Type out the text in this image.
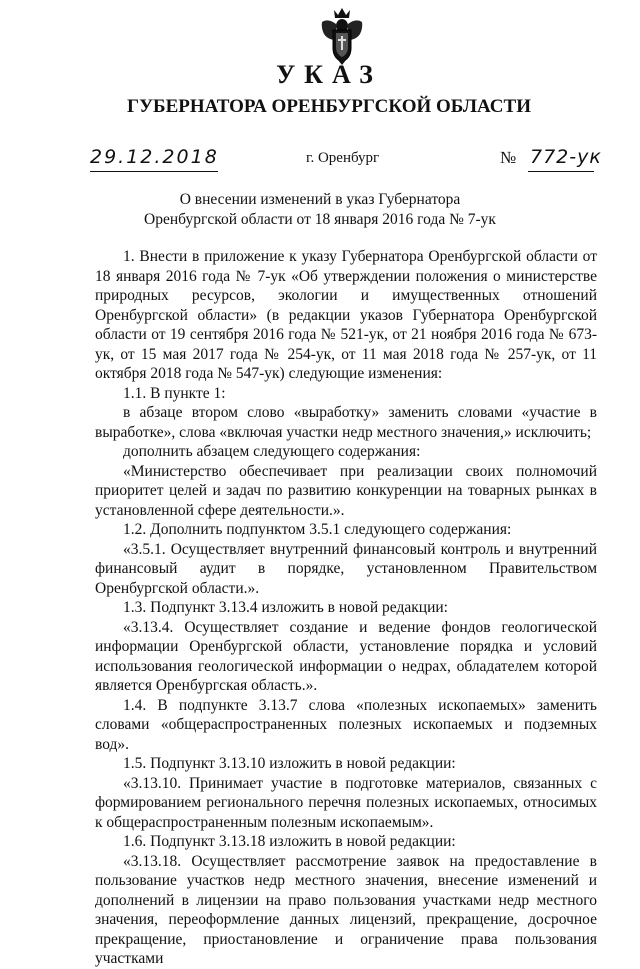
УКАЗ
ГУБЕРНАТОРА ОРЕНБУРГСКОЙ ОБЛАСТИ
29.12.2018	г. Оренбург	№ 772-ук
О внесении изменений в указ Губернатора
Оренбургской области от 18 января 2016 года № 7-ук

1. Внести в приложение к указу Губернатора Оренбургской области от 18 января 2016 года № 7-ук «Об утверждении положения о министерстве природных ресурсов, экологии и имущественных отношений Оренбургской области» (в редакции указов Губернатора Оренбургской области от 19 сентября 2016 года № 521-ук, от 21 ноября 2016 года № 673-ук, от 15 мая 2017 года № 254-ук, от 11 мая 2018 года № 257-ук, от 11 октября 2018 года № 547-ук) следующие изменения:

1.1. В пункте 1:

в абзаце втором слово «выработку» заменить словами «участие в выработке», слова «включая участки недр местного значения,» исключить;

дополнить абзацем следующего содержания:

«Министерство обеспечивает при реализации своих полномочий приоритет целей и задач по развитию конкуренции на товарных рынках в установленной сфере деятельности.».

1.2. Дополнить подпунктом 3.5.1 следующего содержания:

«3.5.1. Осуществляет внутренний финансовый контроль и внутренний финансовый аудит в порядке, установленном Правительством Оренбургской области.».

1.3. Подпункт 3.13.4 изложить в новой редакции:

«3.13.4. Осуществляет создание и ведение фондов геологической информации Оренбургской области, установление порядка и условий использования геологической информации о недрах, обладателем которой является Оренбургская область.».

1.4. В подпункте 3.13.7 слова «полезных ископаемых» заменить словами «общераспространенных полезных ископаемых и подземных вод».

1.5. Подпункт 3.13.10 изложить в новой редакции:

«3.13.10. Принимает участие в подготовке материалов, связанных с формированием регионального перечня полезных ископаемых, относимых к общераспространенным полезным ископаемым».

1.6. Подпункт 3.13.18 изложить в новой редакции:

«3.13.18. Осуществляет рассмотрение заявок на предоставление в пользование участков недр местного значения, внесение изменений и дополнений в лицензии на право пользования участками недр местного значения, переоформление данных лицензий, прекращение, досрочное прекращение, приостановление и ограничение права пользования участками
